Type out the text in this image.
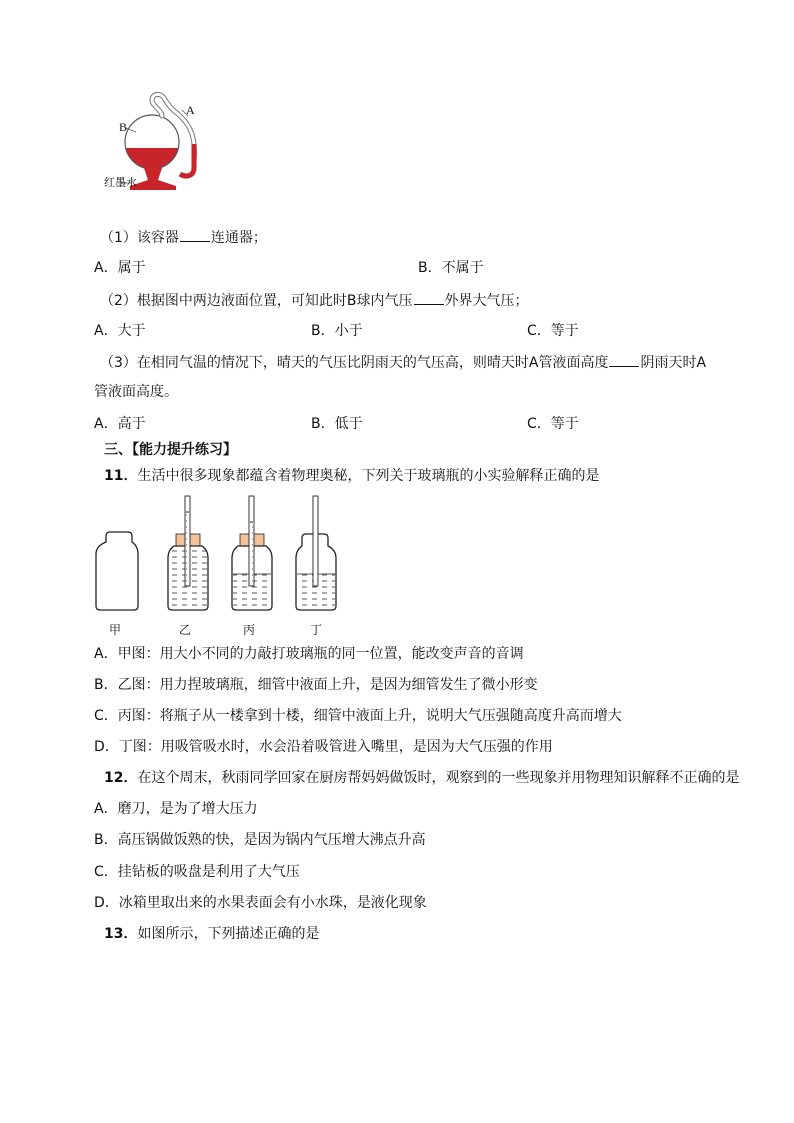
B
A
红墨水
（1）该容器 连通器；
A．属于	B．不属于
（2）根据图中两边液面位置，可知此时B球内气压 外界大气压；
A．大于	B．小于	C．等于
（3）在相同气温的情况下，晴天的气压比阴雨天的气压高，则晴天时A管液面高度 阴雨天时A
管液面高度。
A．高于	B．低于	C．等于
三、【能力提升练习】
11．生活中很多现象都蕴含着物理奥秘，下列关于玻璃瓶的小实验解释正确的是
甲	乙	丙	丁
A．甲图：用大小不同的力敲打玻璃瓶的同一位置，能改变声音的音调
B．乙图：用力捏玻璃瓶，细管中液面上升，是因为细管发生了微小形变
C．丙图：将瓶子从一楼拿到十楼，细管中液面上升，说明大气压强随高度升高而增大
D．丁图：用吸管吸水时，水会沿着吸管进入嘴里，是因为大气压强的作用
12．在这个周末，秋雨同学回家在厨房帮妈妈做饭时，观察到的一些现象并用物理知识解释不正确的是
A．磨刀，是为了增大压力
B．高压锅做饭熟的快，是因为锅内气压增大沸点升高
C．挂钻板的吸盘是利用了大气压
D．冰箱里取出来的水果表面会有小水珠，是液化现象
13．如图所示，下列描述正确的是
